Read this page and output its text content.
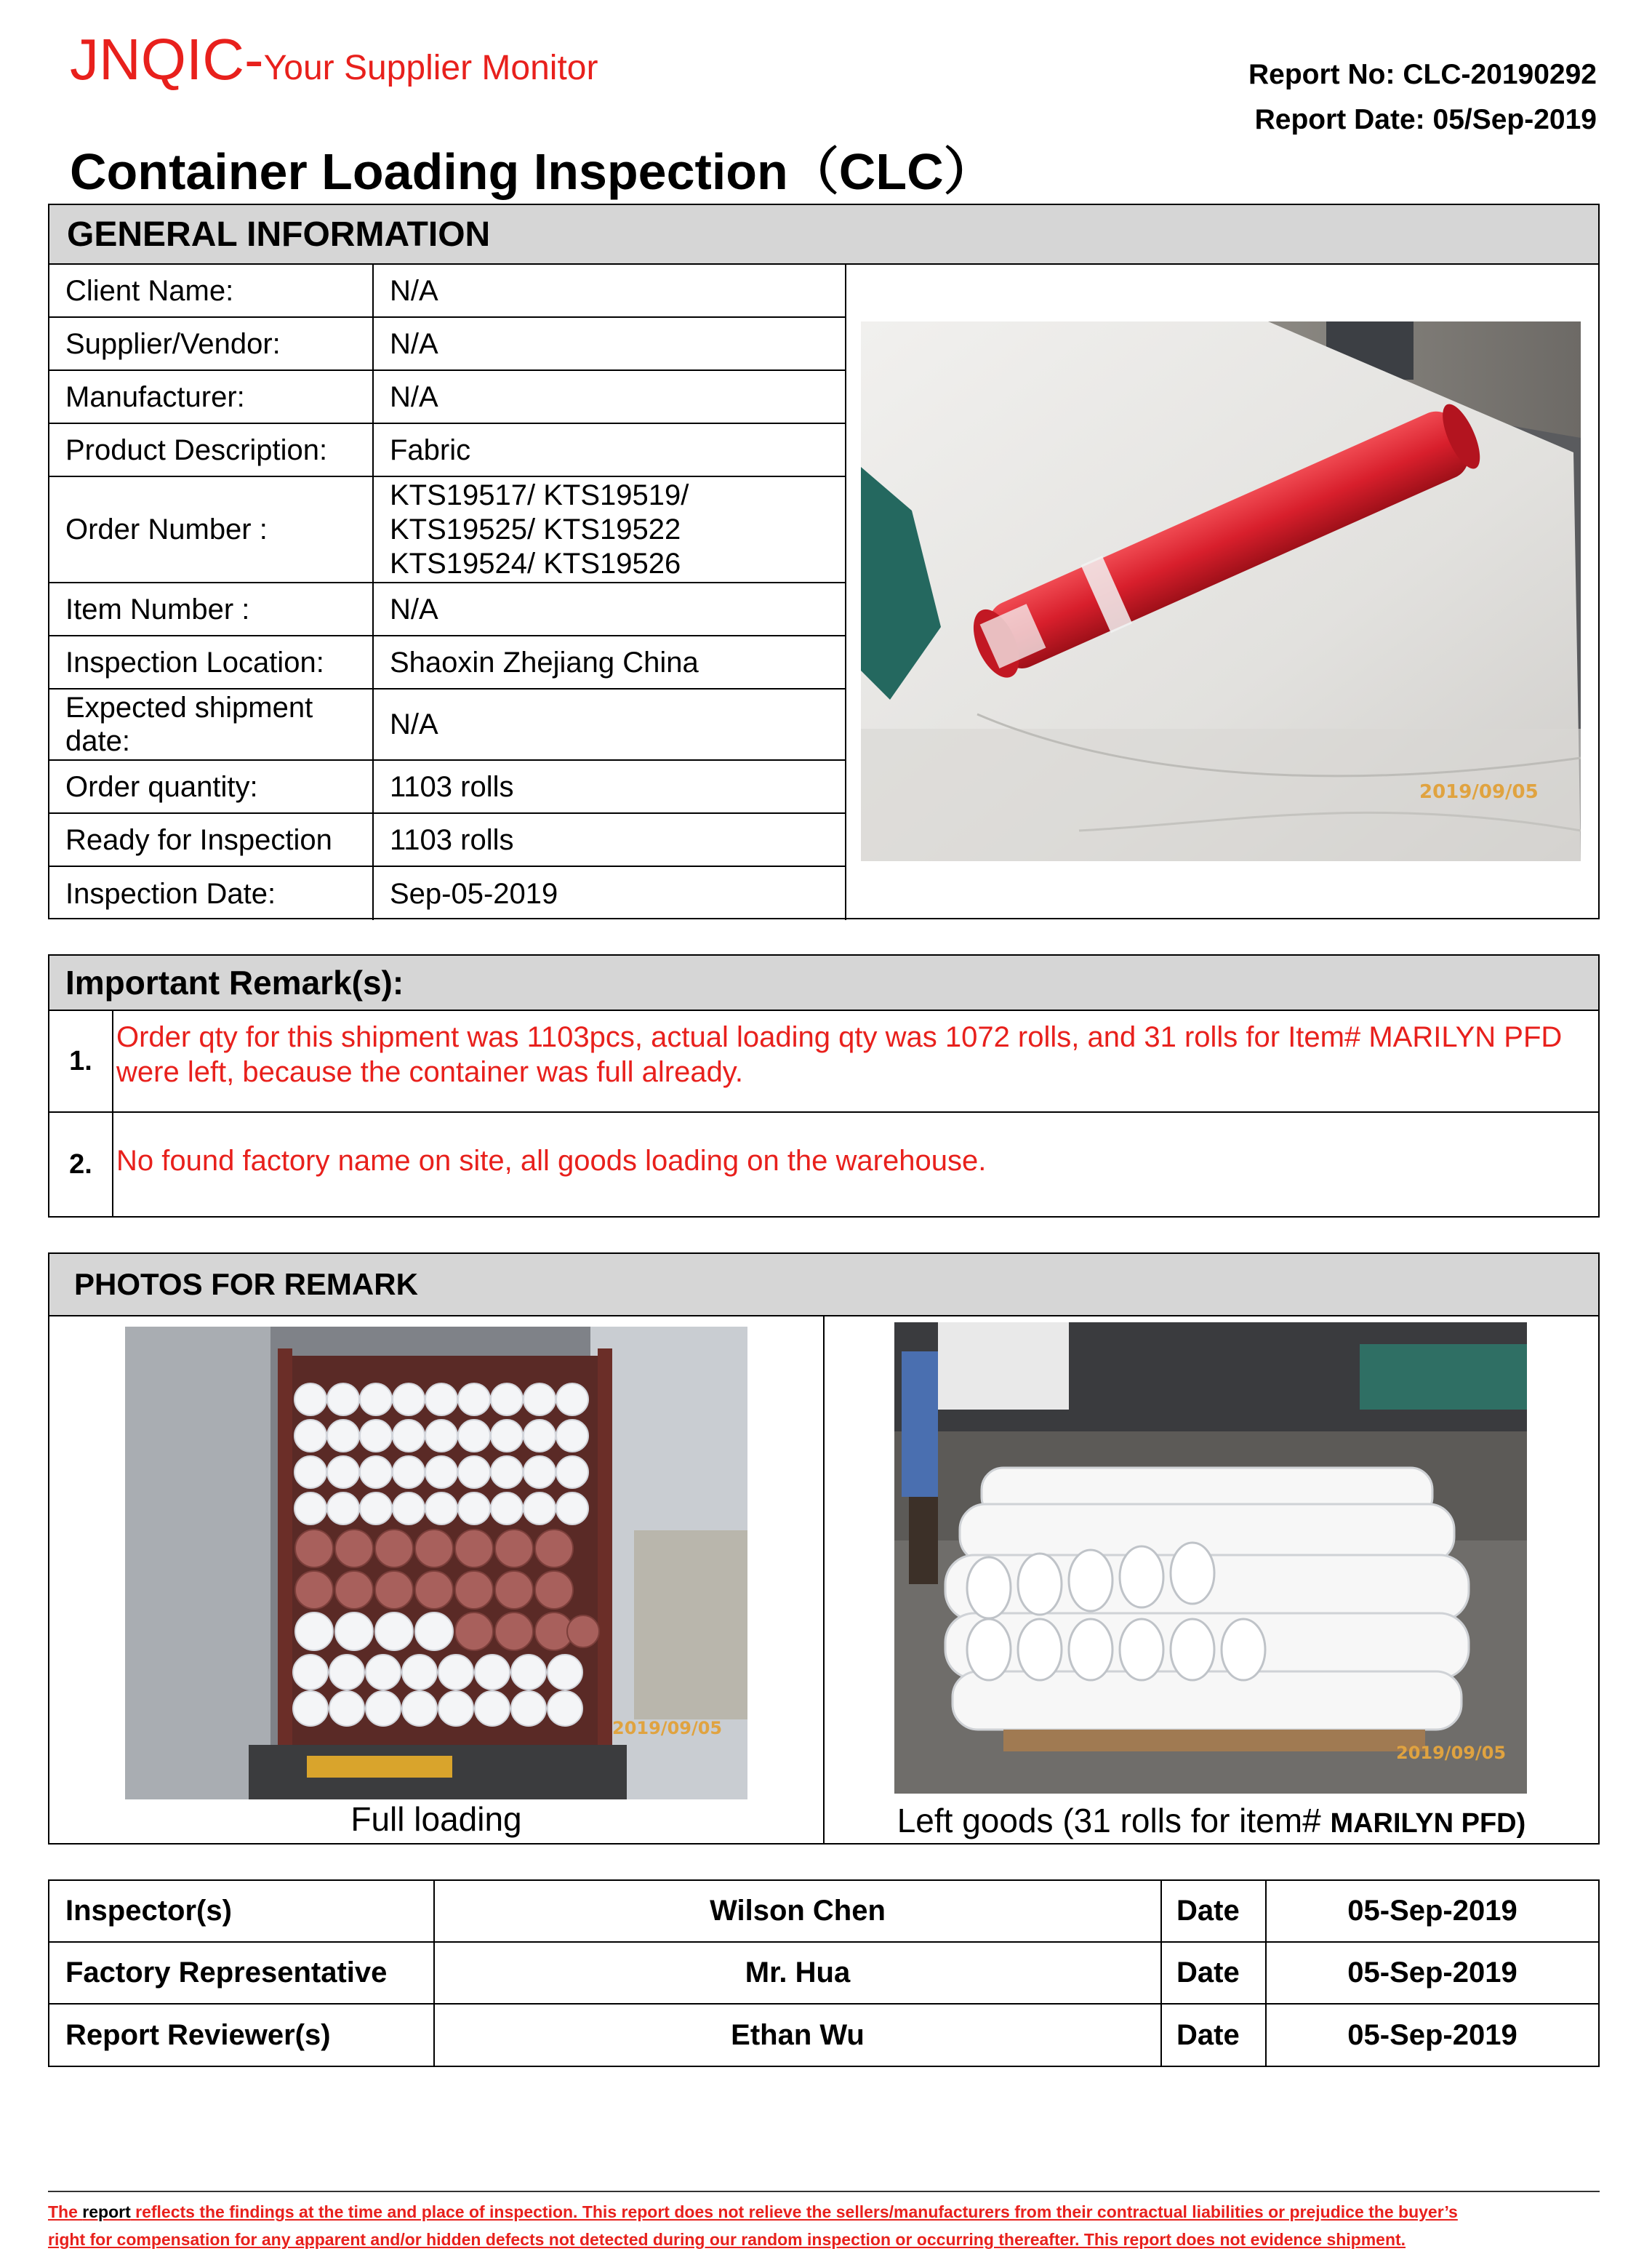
JNQIC-Your Supplier Monitor	Report No: CLC-20190292
Report Date: 05/Sep-2019
Container Loading Inspection（CLC）
GENERAL INFORMATION
Client Name:	N/A
Supplier/Vendor:	N/A
Manufacturer:	N/A
Product Description:	Fabric
Order Number :
KTS19517/ KTS19519/
KTS19525/ KTS19522
KTS19524/ KTS19526
Item Number :	N/A
Inspection Location:	Shaoxin Zhejiang China
Expected shipment date:
N/A
Order quantity:	1103 rolls
Ready for Inspection	1103 rolls
Inspection Date:	Sep-05-2019
2019/09/05
Important Remark(s):
1.
Order qty for this shipment was 1103pcs, actual loading qty was 1072 rolls, and 31 rolls for Item# MARILYN PFD were left, because the container was full already.
2. No found factory name on site, all goods loading on the warehouse.
PHOTOS FOR REMARK
2019/09/05
Full loading
2019/09/05
Left goods (31 rolls for item# MARILYN PFD)
Inspector(s)	Wilson Chen	Date	05-Sep-2019
Factory Representative	Mr. Hua	Date	05-Sep-2019
Report Reviewer(s)	Ethan Wu	Date	05-Sep-2019
The report reflects the findings at the time and place of inspection. This report does not relieve the sellers/manufacturers from their contractual liabilities or prejudice the buyer’s
right for compensation for any apparent and/or hidden defects not detected during our random inspection or occurring thereafter. This report does not evidence shipment.
